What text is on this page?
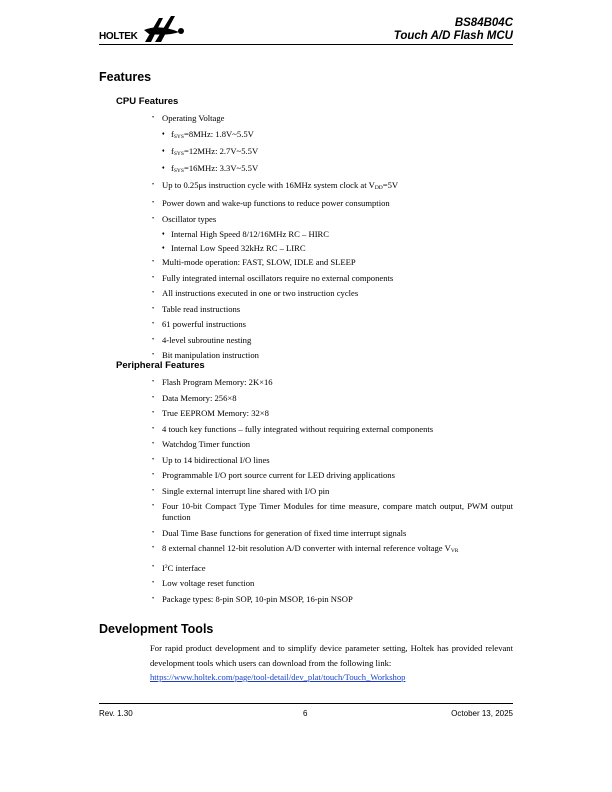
HOLTEK
BS84B04C
Touch A/D Flash MCU
Features
CPU Features
• Operating Voltage
♦ $f_{SYS}=8MHz$: 1.8V~5.5V
♦ $f_{SYS}=12MHz$: 2.7V~5.5V
♦ $f_{SYS}=16MHz$: 3.3V~5.5V
• Up to 0.25μs instruction cycle with 16MHz system clock at $V_{DD}=5V$
• Power down and wake-up functions to reduce power consumption
• Oscillator types
♦ Internal High Speed 8/12/16MHz RC – HIRC
♦ Internal Low Speed 32kHz RC – LIRC
• Multi-mode operation: FAST, SLOW, IDLE and SLEEP
• Fully integrated internal oscillators require no external components
• All instructions executed in one or two instruction cycles
• Table read instructions
• 61 powerful instructions
• 4-level subroutine nesting
• Bit manipulation instruction
Peripheral Features
• Flash Program Memory: 2K×16
• Data Memory: 256×8
• True EEPROM Memory: 32×8
• 4 touch key functions – fully integrated without requiring external components
• Watchdog Timer function
• Up to 14 bidirectional I/O lines
• Programmable I/O port source current for LED driving applications
• Single external interrupt line shared with I/O pin
• Four 10-bit Compact Type Timer Modules for time measure, compare match output, PWM output function
• Dual Time Base functions for generation of fixed time interrupt signals
• 8 external channel 12-bit resolution A/D converter with internal reference voltage $V_{VR}$
• $I^2C$ interface
• Low voltage reset function
• Package types: 8-pin SOP, 10-pin MSOP, 16-pin NSOP
Development Tools
For rapid product development and to simplify device parameter setting, Holtek has provided relevant development tools which users can download from the following link:
https://www.holtek.com/page/tool-detail/dev_plat/touch/Touch_Workshop
Rev. 1.30	6	October 13, 2025
